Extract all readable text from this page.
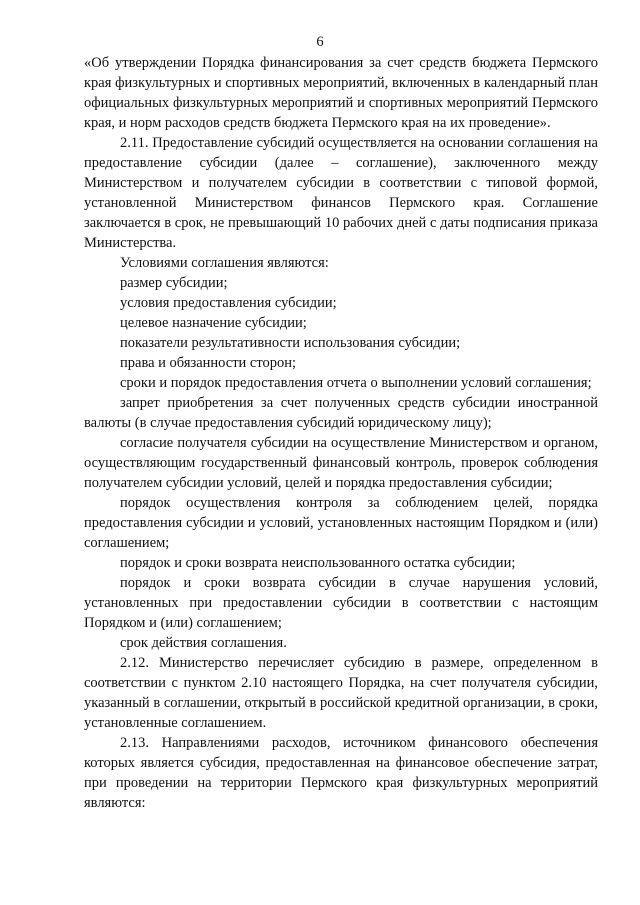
6

«Об утверждении Порядка финансирования за счет средств бюджета Пермского края физкультурных и спортивных мероприятий, включенных в календарный план официальных физкультурных мероприятий и спортивных мероприятий Пермского края, и норм расходов средств бюджета Пермского края на их проведение».

2.11. Предоставление субсидий осуществляется на основании соглашения на предоставление субсидии (далее – соглашение), заключенного между Министерством и получателем субсидии в соответствии с типовой формой, установленной Министерством финансов Пермского края. Соглашение заключается в срок, не превышающий 10 рабочих дней с даты подписания приказа Министерства.

Условиями соглашения являются:

размер субсидии;

условия предоставления субсидии;

целевое назначение субсидии;

показатели результативности использования субсидии;

права и обязанности сторон;

сроки и порядок предоставления отчета о выполнении условий соглашения;

запрет приобретения за счет полученных средств субсидии иностранной валюты (в случае предоставления субсидий юридическому лицу);

согласие получателя субсидии на осуществление Министерством и органом, осуществляющим государственный финансовый контроль, проверок соблюдения получателем субсидии условий, целей и порядка предоставления субсидии;

порядок осуществления контроля за соблюдением целей, порядка предоставления субсидии и условий, установленных настоящим Порядком и (или) соглашением;

порядок и сроки возврата неиспользованного остатка субсидии;

порядок и сроки возврата субсидии в случае нарушения условий, установленных при предоставлении субсидии в соответствии с настоящим Порядком и (или) соглашением;

срок действия соглашения.

2.12. Министерство перечисляет субсидию в размере, определенном в соответствии с пунктом 2.10 настоящего Порядка, на счет получателя субсидии, указанный в соглашении, открытый в российской кредитной организации, в сроки, установленные соглашением.

2.13. Направлениями расходов, источником финансового обеспечения которых является субсидия, предоставленная на финансовое обеспечение затрат, при проведении на территории Пермского края физкультурных мероприятий являются:
